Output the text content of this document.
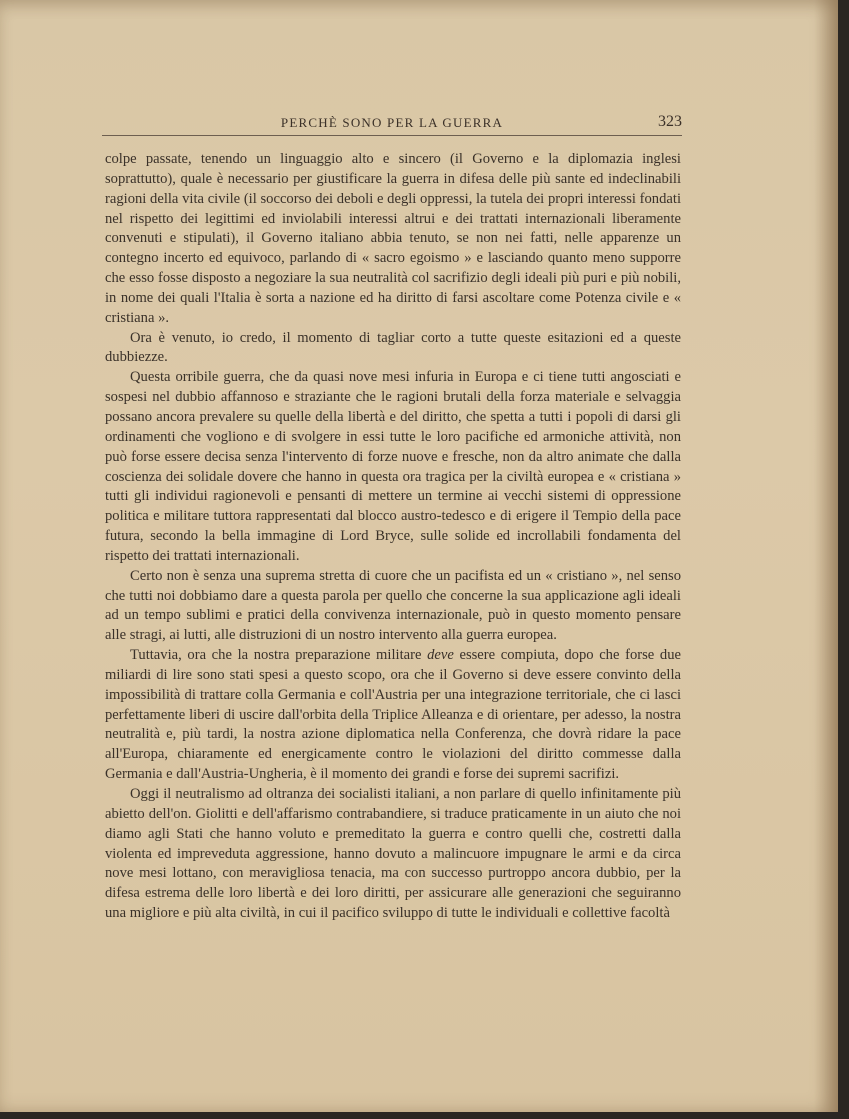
PERCHÈ SONO PER LA GUERRA	323

colpe passate, tenendo un linguaggio alto e sincero (il Governo e la diplomazia inglesi soprattutto), quale è necessario per giustificare la guerra in difesa delle più sante ed indeclinabili ragioni della vita civile (il soccorso dei deboli e degli oppressi, la tutela dei propri interessi fondati nel rispetto dei legittimi ed inviolabili interessi altrui e dei trattati internazionali liberamente convenuti e stipulati), il Governo italiano abbia tenuto, se non nei fatti, nelle apparenze un contegno incerto ed equivoco, parlando di « sacro egoismo » e lasciando quanto meno supporre che esso fosse disposto a negoziare la sua neutralità col sacrifizio degli ideali più puri e più nobili, in nome dei quali l'Italia è sorta a nazione ed ha diritto di farsi ascoltare come Potenza civile e « cristiana ».

Ora è venuto, io credo, il momento di tagliar corto a tutte queste esitazioni ed a queste dubbiezze.

Questa orribile guerra, che da quasi nove mesi infuria in Europa e ci tiene tutti angosciati e sospesi nel dubbio affannoso e straziante che le ragioni brutali della forza materiale e selvaggia possano ancora prevalere su quelle della libertà e del diritto, che spetta a tutti i popoli di darsi gli ordinamenti che vogliono e di svolgere in essi tutte le loro pacifiche ed armoniche attività, non può forse essere decisa senza l'intervento di forze nuove e fresche, non da altro animate che dalla coscienza dei solidale dovere che hanno in questa ora tragica per la civiltà europea e « cristiana » tutti gli individui ragionevoli e pensanti di mettere un termine ai vecchi sistemi di oppressione politica e militare tuttora rappresentati dal blocco austro-tedesco e di erigere il Tempio della pace futura, secondo la bella immagine di Lord Bryce, sulle solide ed incrollabili fondamenta del rispetto dei trattati internazionali.

Certo non è senza una suprema stretta di cuore che un pacifista ed un « cristiano », nel senso che tutti noi dobbiamo dare a questa parola per quello che concerne la sua applicazione agli ideali ad un tempo sublimi e pratici della convivenza internazionale, può in questo momento pensare alle stragi, ai lutti, alle distruzioni di un nostro intervento alla guerra europea.

Tuttavia, ora che la nostra preparazione militare deve essere compiuta, dopo che forse due miliardi di lire sono stati spesi a questo scopo, ora che il Governo si deve essere convinto della impossibilità di trattare colla Germania e coll'Austria per una integrazione territoriale, che ci lasci perfettamente liberi di uscire dall'orbita della Triplice Alleanza e di orientare, per adesso, la nostra neutralità e, più tardi, la nostra azione diplomatica nella Conferenza, che dovrà ridare la pace all'Europa, chiaramente ed energicamente contro le violazioni del diritto commesse dalla Germania e dall'Austria-Ungheria, è il momento dei grandi e forse dei supremi sacrifizi.

Oggi il neutralismo ad oltranza dei socialisti italiani, a non parlare di quello infinitamente più abietto dell'on. Giolitti e dell'affarismo contrabandiere, si traduce praticamente in un aiuto che noi diamo agli Stati che hanno voluto e premeditato la guerra e contro quelli che, costretti dalla violenta ed impreveduta aggressione, hanno dovuto a malincuore impugnare le armi e da circa nove mesi lottano, con meravigliosa tenacia, ma con successo purtroppo ancora dubbio, per la difesa estrema delle loro libertà e dei loro diritti, per assicurare alle generazioni che seguiranno una migliore e più alta civiltà, in cui il pacifico sviluppo di tutte le individuali e collettive facoltà
